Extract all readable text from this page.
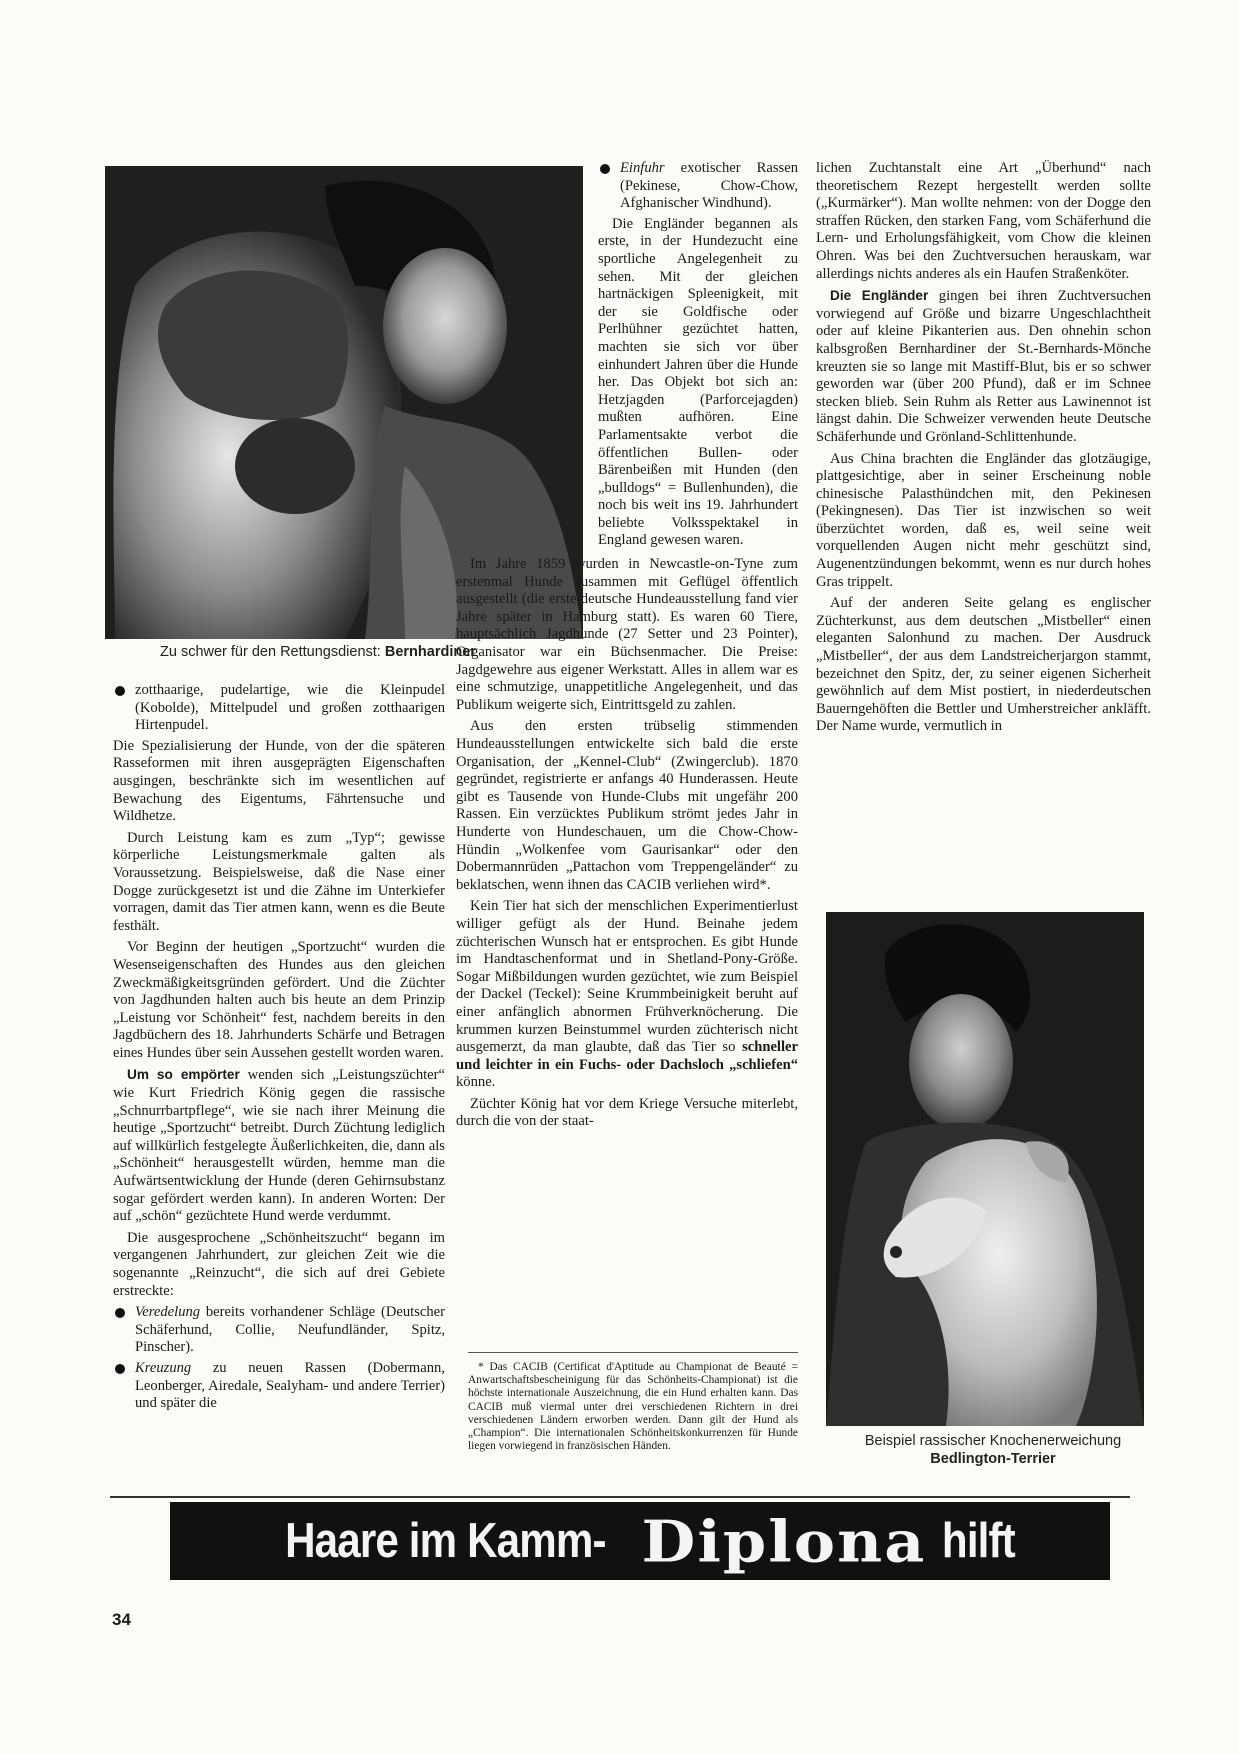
Zu schwer für den Rettungsdienst: Bernhardiner
zotthaarige, pudelartige, wie die Kleinpudel (Kobolde), Mittelpudel und großen zotthaarigen Hirtenpudel.

Die Spezialisierung der Hunde, von der die späteren Rasseformen mit ihren ausgeprägten Eigenschaften ausgingen, beschränkte sich im wesentlichen auf Bewachung des Eigentums, Fährtensuche und Wildhetze.

Durch Leistung kam es zum „Typ“; gewisse körperliche Leistungsmerkmale galten als Voraussetzung. Beispielsweise, daß die Nase einer Dogge zurückgesetzt ist und die Zähne im Unterkiefer vorragen, damit das Tier atmen kann, wenn es die Beute festhält.

Vor Beginn der heutigen „Sportzucht“ wurden die Wesenseigenschaften des Hundes aus den gleichen Zweckmäßigkeitsgründen gefördert. Und die Züchter von Jagdhunden halten auch bis heute an dem Prinzip „Leistung vor Schönheit“ fest, nachdem bereits in den Jagdbüchern des 18. Jahrhunderts Schärfe und Betragen eines Hundes über sein Aussehen gestellt worden waren.

Um so empörter wenden sich „Leistungszüchter“ wie Kurt Friedrich König gegen die rassische „Schnurrbartpflege“, wie sie nach ihrer Meinung die heutige „Sportzucht“ betreibt. Durch Züchtung lediglich auf willkürlich festgelegte Äußerlichkeiten, die, dann als „Schönheit“ herausgestellt würden, hemme man die Aufwärtsentwicklung der Hunde (deren Gehirnsubstanz sogar gefördert werden kann). In anderen Worten: Der auf „schön“ gezüchtete Hund werde verdummt.

Die ausgesprochene „Schönheitszucht“ begann im vergangenen Jahrhundert, zur gleichen Zeit wie die sogenannte „Reinzucht“, die sich auf drei Gebiete erstreckte:

Veredelung bereits vorhandener Schläge (Deutscher Schäferhund, Collie, Neufundländer, Spitz, Pinscher).
Kreuzung zu neuen Rassen (Dobermann, Leonberger, Airedale, Sealyham- und andere Terrier) und später die
Einfuhr exotischer Rassen (Pekinese, Chow-Chow, Afghanischer Windhund).

Die Engländer begannen als erste, in der Hundezucht eine sportliche Angelegenheit zu sehen. Mit der gleichen hartnäckigen Spleenigkeit, mit der sie Goldfische oder Perlhühner gezüchtet hatten, machten sie sich vor über einhundert Jahren über die Hunde her. Das Objekt bot sich an: Hetzjagden (Parforcejagden) mußten aufhören. Eine Parlamentsakte verbot die öffentlichen Bullen- oder Bärenbeißen mit Hunden (den „bulldogs“ = Bullenhunden), die noch bis weit ins 19. Jahrhundert beliebte Volksspektakel in England gewesen waren.

Im Jahre 1859 wurden in Newcastle-on-Tyne zum erstenmal Hunde zusammen mit Geflügel öffentlich ausgestellt (die erste deutsche Hundeausstellung fand vier Jahre später in Hamburg statt). Es waren 60 Tiere, hauptsächlich Jagdhunde (27 Setter und 23 Pointer), Organisator war ein Büchsenmacher. Die Preise: Jagdgewehre aus eigener Werkstatt. Alles in allem war es eine schmutzige, unappetitliche Angelegenheit, und das Publikum weigerte sich, Eintrittsgeld zu zahlen.

Aus den ersten trübselig stimmenden Hundeausstellungen entwickelte sich bald die erste Organisation, der „Kennel-Club“ (Zwingerclub). 1870 gegründet, registrierte er anfangs 40 Hunderassen. Heute gibt es Tausende von Hunde-Clubs mit ungefähr 200 Rassen. Ein verzücktes Publikum strömt jedes Jahr in Hunderte von Hundeschauen, um die Chow-Chow-Hündin „Wolkenfee vom Gaurisankar“ oder den Dobermannrüden „Pattachon vom Treppengeländer“ zu beklatschen, wenn ihnen das CACIB verliehen wird*.

Kein Tier hat sich der menschlichen Experimentierlust williger gefügt als der Hund. Beinahe jedem züchterischen Wunsch hat er entsprochen. Es gibt Hunde im Handtaschenformat und in Shetland-Pony-Größe. Sogar Mißbildungen wurden gezüchtet, wie zum Beispiel der Dackel (Teckel): Seine Krummbeinigkeit beruht auf einer anfänglich abnormen Frühverknöcherung. Die krummen kurzen Beinstummel wurden züchterisch nicht ausgemerzt, da man glaubte, daß das Tier so schneller und leichter in ein Fuchs- oder Dachsloch „schliefen“ könne.

Züchter König hat vor dem Kriege Versuche miterlebt, durch die von der staat-

* Das CACIB (Certificat d'Aptitude au Championat de Beauté = Anwartschaftsbescheinigung für das Schönheits-Championat) ist die höchste internationale Auszeichnung, die ein Hund erhalten kann. Das CACIB muß viermal unter drei verschiedenen Richtern in drei verschiedenen Ländern erworben werden. Dann gilt der Hund als „Champion“. Die internationalen Schönheitskonkurrenzen für Hunde liegen vorwiegend in französischen Händen.

lichen Zuchtanstalt eine Art „Überhund“ nach theoretischem Rezept hergestellt werden sollte („Kurmärker“). Man wollte nehmen: von der Dogge den straffen Rücken, den starken Fang, vom Schäferhund die Lern- und Erholungsfähigkeit, vom Chow die kleinen Ohren. Was bei den Zuchtversuchen herauskam, war allerdings nichts anderes als ein Haufen Straßenköter.

Die Engländer gingen bei ihren Zuchtversuchen vorwiegend auf Größe und bizarre Ungeschlachtheit oder auf kleine Pikanterien aus. Den ohnehin schon kalbsgroßen Bernhardiner der St.-Bernhards-Mönche kreuzten sie so lange mit Mastiff-Blut, bis er so schwer geworden war (über 200 Pfund), daß er im Schnee stecken blieb. Sein Ruhm als Retter aus Lawinennot ist längst dahin. Die Schweizer verwenden heute Deutsche Schäferhunde und Grönland-Schlittenhunde.

Aus China brachten die Engländer das glotzäugige, plattgesichtige, aber in seiner Erscheinung noble chinesische Palasthündchen mit, den Pekinesen (Pekingnesen). Das Tier ist inzwischen so weit überzüchtet worden, daß es, weil seine weit vorquellenden Augen nicht mehr geschützt sind, Augenentzündungen bekommt, wenn es nur durch hohes Gras trippelt.

Auf der anderen Seite gelang es englischer Züchterkunst, aus dem deutschen „Mistbeller“ einen eleganten Salonhund zu machen. Der Ausdruck „Mistbeller“, der aus dem Landstreicherjargon stammt, bezeichnet den Spitz, der, zu seiner eigenen Sicherheit gewöhnlich auf dem Mist postiert, in niederdeutschen Bauerngehöften die Bettler und Umherstreicher ankläfft. Der Name wurde, vermutlich in

Beispiel rassischer Knochenerweichung
Bedlington-Terrier
Haare im Kamm- Diplona hilft
34
